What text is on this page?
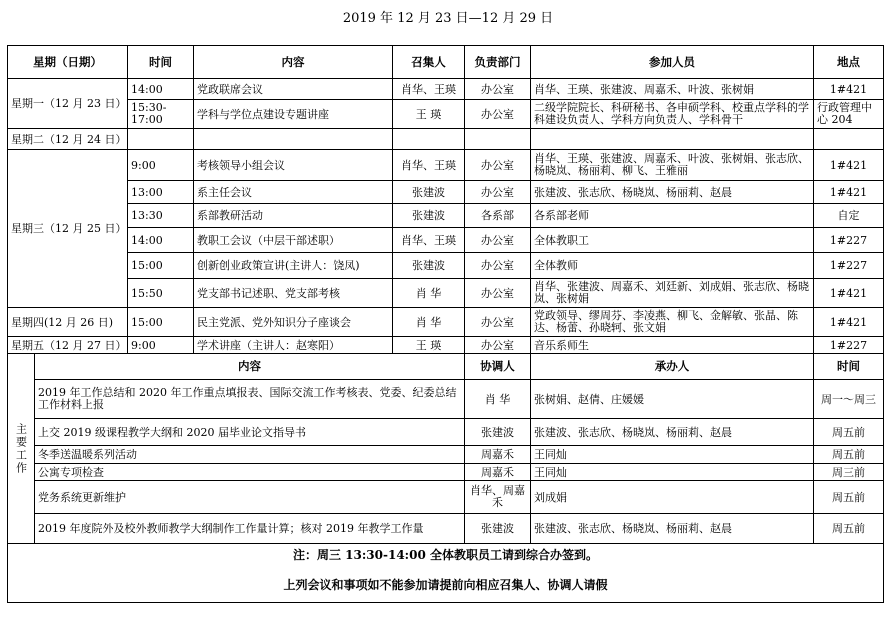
2019 年 12 月 23 日—12 月 29 日
星期（日期）		时间	内容	召集人	负责部门	参加人员	地点
星期一（12 月 23 日）		14:00	党政联席会议	肖华、王瑛	办公室	肖华、王瑛、张建波、周嘉禾、叶波、张树娟	1#421
		15:30-17:00	学科与学位点建设专题讲座	王 瑛	办公室	二级学院院长、科研秘书、各申硕学科、校重点学科的学科建设负责人、学科方向负责人、学科骨干	行政管理中心 204
星期二（12 月 24 日）							
星期三（12 月 25 日）		9:00	考核领导小组会议	肖华、王瑛	办公室	肖华、王瑛、张建波、周嘉禾、叶波、张树娟、张志欣、杨晓岚、杨丽莉、柳飞、王雅丽	1#421
		13:00	系主任会议	张建波	办公室	张建波、张志欣、杨晓岚、杨丽莉、赵晨	1#421
		13:30	系部教研活动	张建波	各系部	各系部老师	自定
		14:00	教职工会议（中层干部述职）	肖华、王瑛	办公室	全体教职工	1#227
		15:00	创新创业政策宣讲(主讲人：饶凤)	张建波	办公室	全体教师	1#227
		15:50	党支部书记述职、党支部考核	肖 华	办公室	肖华、张建波、周嘉禾、刘廷新、刘成娟、张志欣、杨晓岚、张树娟	1#421
星期四(12 月 26 日)		15:00	民主党派、党外知识分子座谈会	肖 华	办公室	党政领导、缪周芬、李凌燕、柳飞、金解敏、张晶、陈达、杨蕾、孙晓轲、张文娟	1#421
星期五（12 月 27 日）		9:00	学术讲座（主讲人：赵寒阳）	王 瑛	办公室	音乐系师生	1#227
主要工作	内容				协调人	承办人	时间
	2019 年工作总结和 2020 年工作重点填报表、国际交流工作考核表、党委、纪委总结工作材料上报				肖 华	张树娟、赵倩、庄媛媛	周一～周三
	上交 2019 级课程教学大纲和 2020 届毕业论文指导书				张建波	张建波、张志欣、杨晓岚、杨丽莉、赵晨	周五前
	冬季送温暖系列活动				周嘉禾	王同灿	周五前
	公寓专项检查				周嘉禾	王同灿	周三前
	党务系统更新维护				肖华、周嘉禾	刘成娟	周五前
	2019 年度院外及校外教师教学大纲制作工作量计算；核对 2019 年教学工作量				张建波	张建波、张志欣、杨晓岚、杨丽莉、赵晨	周五前

注：周三 13:30-14:00 全体教职员工请到综合办签到。
上列会议和事项如不能参加请提前向相应召集人、协调人请假							
